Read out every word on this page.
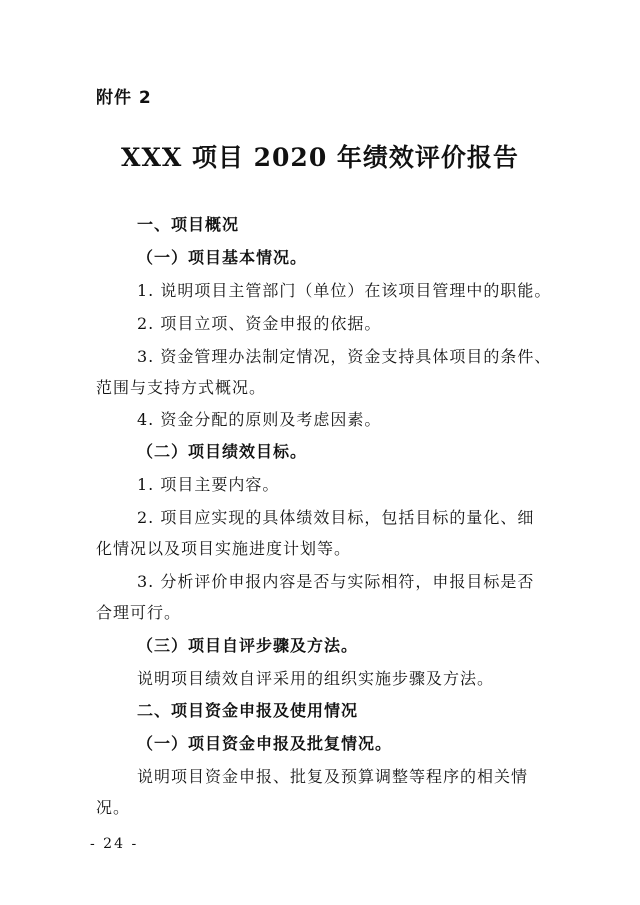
附件 2
XXX 项目 2020 年绩效评价报告
一、项目概况
（一）项目基本情况。
1. 说明项目主管部门（单位）在该项目管理中的职能。
2. 项目立项、资金申报的依据。
3. 资金管理办法制定情况，资金支持具体项目的条件、
范围与支持方式概况。
4. 资金分配的原则及考虑因素。
（二）项目绩效目标。
1. 项目主要内容。
2. 项目应实现的具体绩效目标，包括目标的量化、细
化情况以及项目实施进度计划等。
3. 分析评价申报内容是否与实际相符，申报目标是否
合理可行。
（三）项目自评步骤及方法。
说明项目绩效自评采用的组织实施步骤及方法。
二、项目资金申报及使用情况
（一）项目资金申报及批复情况。
说明项目资金申报、批复及预算调整等程序的相关情
况。
- 24 -
